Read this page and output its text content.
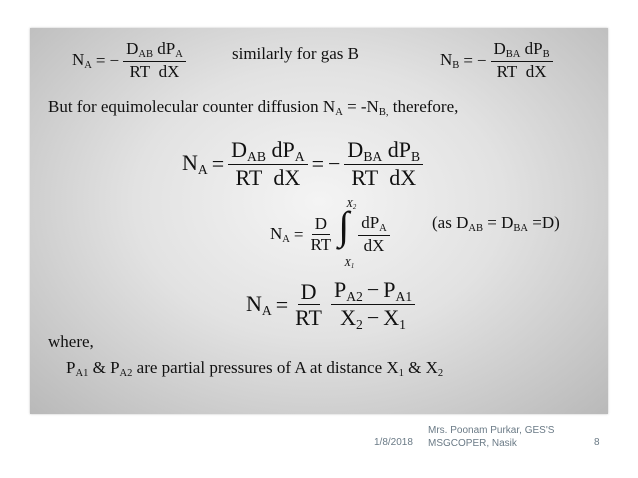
$N_A$ = − $\frac{D_{AB} dP_A}{\text{RT dX}}$	similarly for gas B	$N_B$ = − $\frac{D_{BA} dP_B}{\text{RT dX}}$
But for equimolecular counter diffusion $N_A = -N_{B,}$ therefore,
$N_A = \frac{D_{AB} dP_A}{\text{RT dX}}$ = − $\frac{D_{BA} dP_B}{\text{RT dX}}$
$N_A = \frac{D}{RT}$ ∫
$X_2$
$X_1$
$\frac{dP_A}{dX} (as$ $D_{AB} = D_{BA} =D$)
$N_A = \frac{D}{RT} \frac{P_{A2} - P_{A1}}{X_2 - X_1}$
where,
$P_{A1}$ & $P_{A2}$ are partial pressures of A at distance $X_1$ & $X_2$
1/8/2018
Mrs. Poonam Purkar, GES'S
MSGCOPER, Nasik	8
